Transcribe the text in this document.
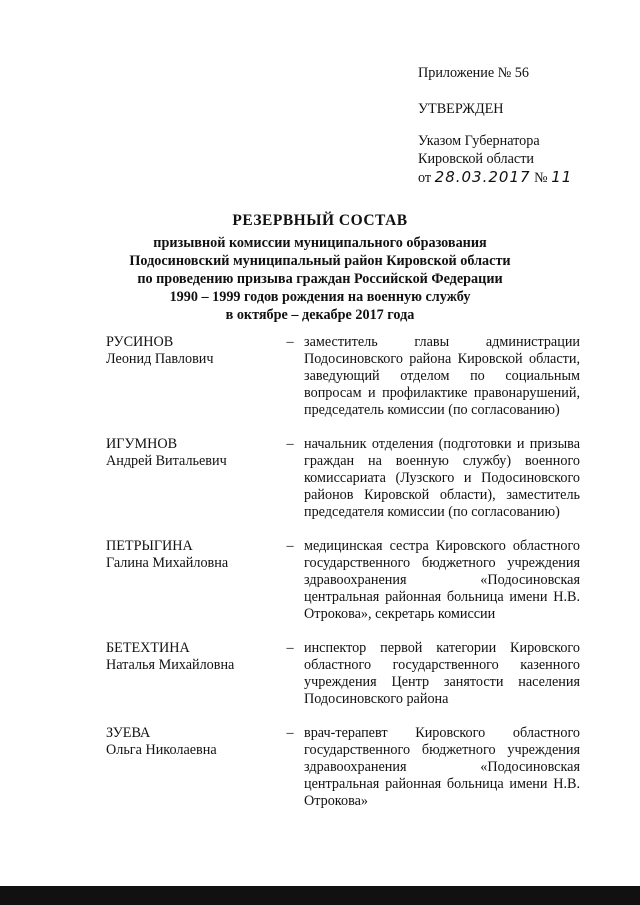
Приложение № 56
УТВЕРЖДЕН
Указом Губернатора
Кировской области
от 28.03.2017 № 11
РЕЗЕРВНЫЙ СОСТАВ
призывной комиссии муниципального образования
Подосиновский муниципальный район Кировской области
по проведению призыва граждан Российской Федерации
1990 – 1999 годов рождения на военную службу
в октябре – декабре 2017 года
РУСИНОВ
Леонид Павлович
– заместитель главы администрации Подосиновского района Кировской области, заведующий отделом по социальным вопросам и профилактике правонарушений, председатель комиссии (по согласованию)
ИГУМНОВ
Андрей Витальевич
– начальник отделения (подготовки и призыва граждан на военную службу) военного комиссариата (Лузского и Подосиновского районов Кировской области), заместитель председателя комиссии (по согласованию)
ПЕТРЫГИНА
Галина Михайловна
– медицинская сестра Кировского областного государственного бюджетного учреждения здравоохранения «Подосиновская центральная районная больница имени Н.В. Отрокова», секретарь комиссии
БЕТЕХТИНА
Наталья Михайловна
– инспектор первой категории Кировского областного государственного казенного учреждения Центр занятости населения Подосиновского района
ЗУЕВА
Ольга Николаевна
– врач-терапевт Кировского областного государственного бюджетного учреждения здравоохранения «Подосиновская центральная районная больница имени Н.В. Отрокова»
